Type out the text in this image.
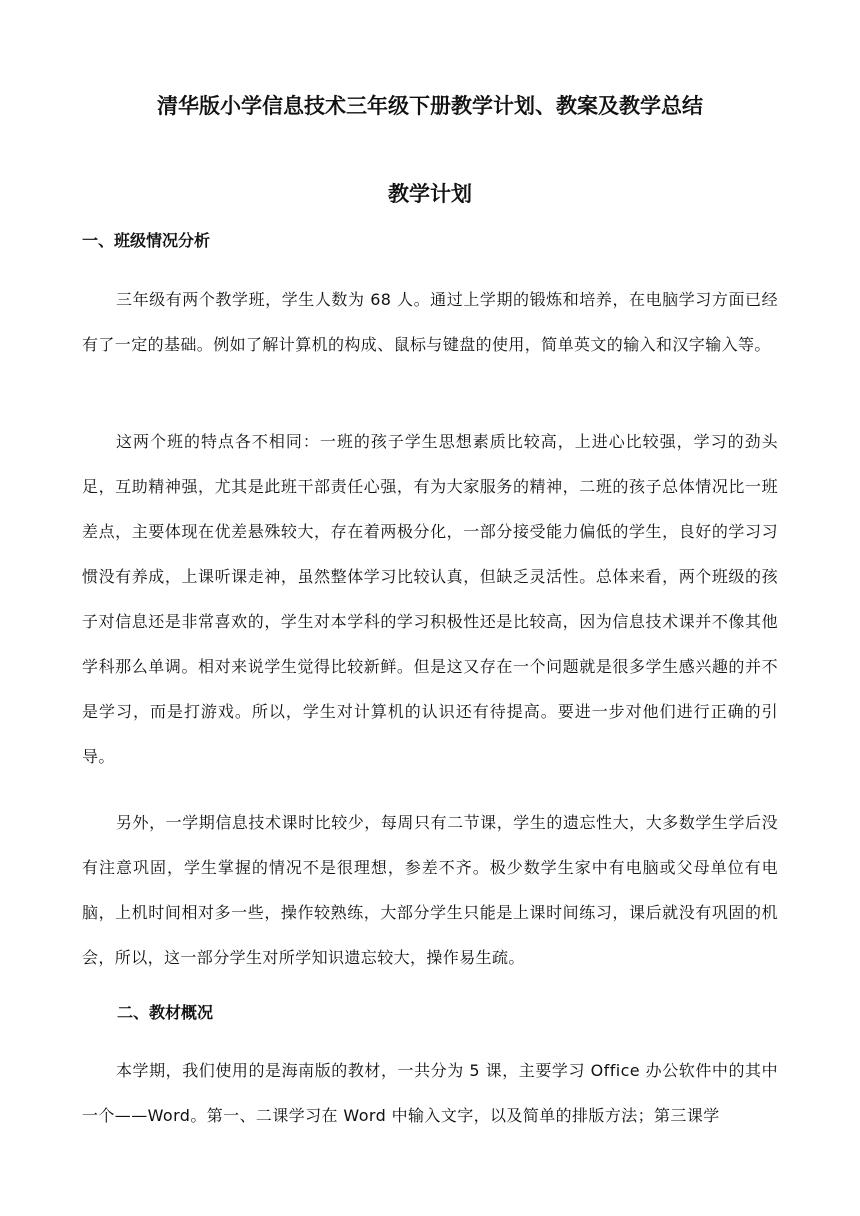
清华版小学信息技术三年级下册教学计划、教案及教学总结
教学计划
一、班级情况分析

三年级有两个教学班，学生人数为 68 人。通过上学期的锻炼和培养，在电脑学习方面已经有了一定的基础。例如了解计算机的构成、鼠标与键盘的使用，简单英文的输入和汉字输入等。

这两个班的特点各不相同：一班的孩子学生思想素质比较高，上进心比较强，学习的劲头足，互助精神强，尤其是此班干部责任心强，有为大家服务的精神，二班的孩子总体情况比一班差点，主要体现在优差悬殊较大，存在着两极分化，一部分接受能力偏低的学生，良好的学习习惯没有养成，上课听课走神，虽然整体学习比较认真，但缺乏灵活性。总体来看，两个班级的孩子对信息还是非常喜欢的，学生对本学科的学习积极性还是比较高，因为信息技术课并不像其他学科那么单调。相对来说学生觉得比较新鲜。但是这又存在一个问题就是很多学生感兴趣的并不是学习，而是打游戏。所以，学生对计算机的认识还有待提高。要进一步对他们进行正确的引导。

另外，一学期信息技术课时比较少，每周只有二节课，学生的遗忘性大，大多数学生学后没有注意巩固，学生掌握的情况不是很理想，参差不齐。极少数学生家中有电脑或父母单位有电脑，上机时间相对多一些，操作较熟练，大部分学生只能是上课时间练习，课后就没有巩固的机会，所以，这一部分学生对所学知识遗忘较大，操作易生疏。

二、教材概况

本学期，我们使用的是海南版的教材，一共分为 5 课，主要学习 Office 办公软件中的其中一个——Word。第一、二课学习在 Word 中输入文字，以及简单的排版方法；第三课学
